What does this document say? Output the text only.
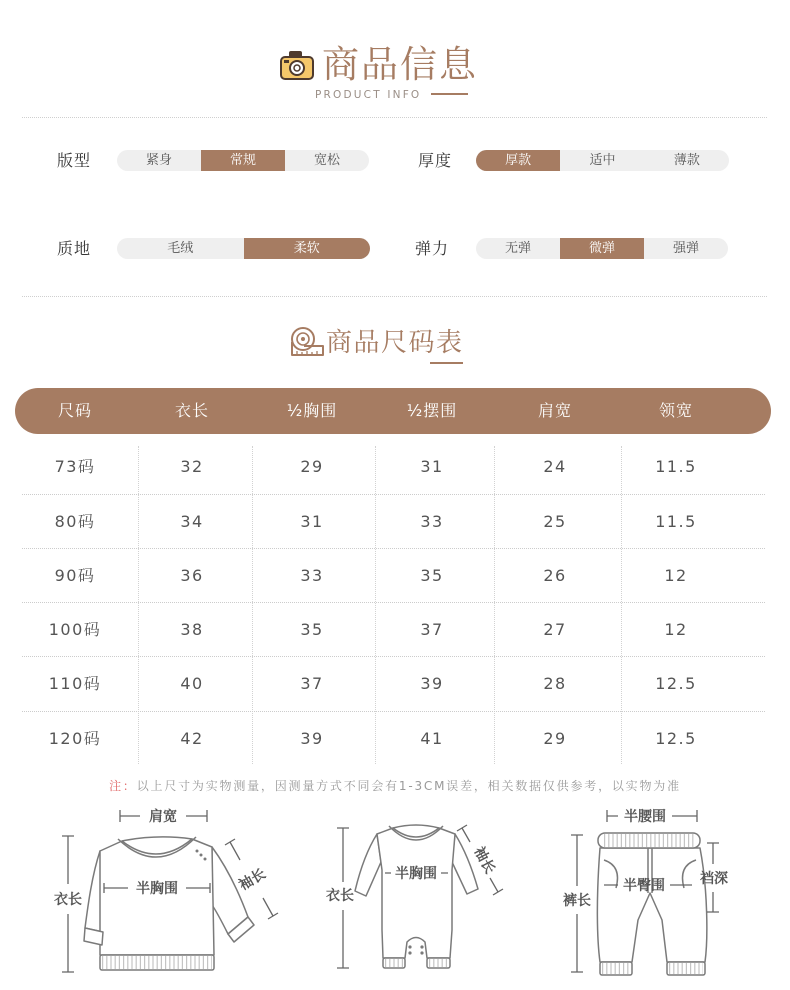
商品信息
PRODUCT INFO
版型	紧身	常规	宽松	厚度	厚款	适中	薄款
质地	毛绒	柔软	弹力	无弹	微弹	强弹
商品尺码表
尺码	衣长	½胸围	½摆围	肩宽	领宽
73码	32	29	31	24	11.5
80码	34	31	33	25	11.5
90码	36	33	35	26	12
100码	38	35	37	27	12
110码	40	37	39	28	12.5
120码	42	39	41	29	12.5
注：以上尺寸为实物测量，因测量方式不同会有1-3CM误差，相关数据仅供参考，以实物为准
肩宽
衣长
半胸围	袖长
衣长
半胸围 袖长
半腰围
裤长
半臀围	裆深
